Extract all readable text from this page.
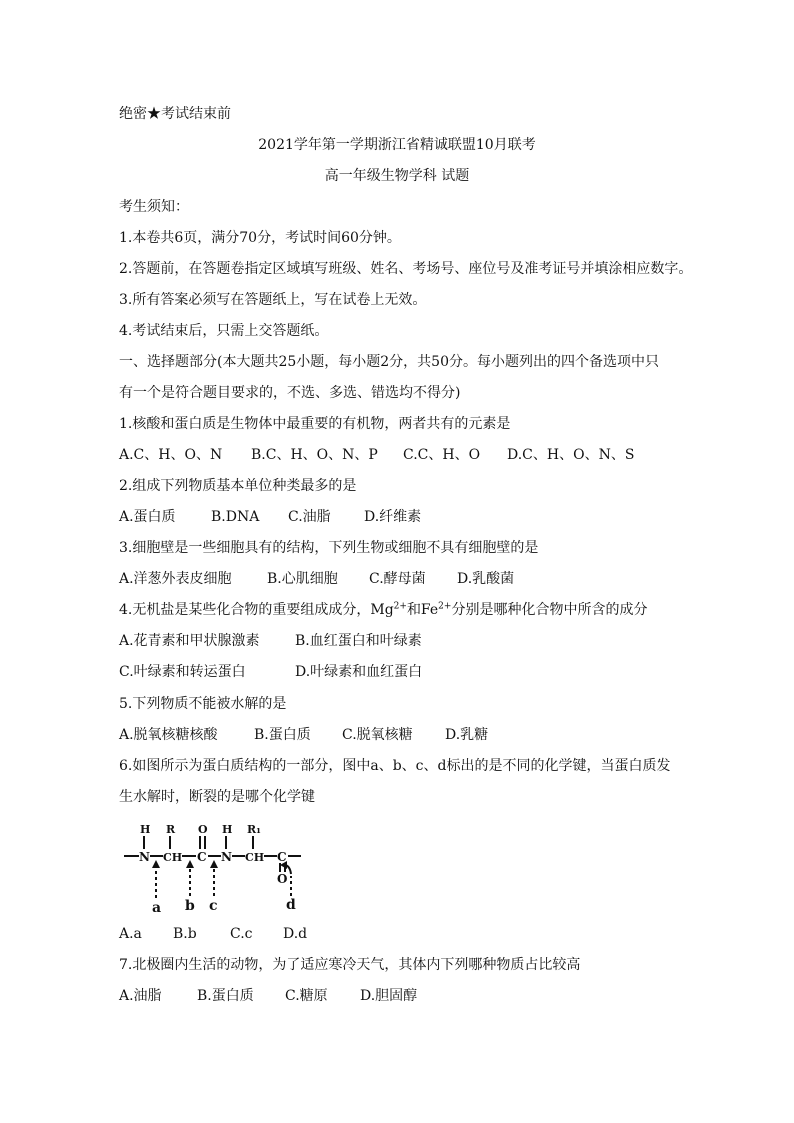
绝密★考试结束前
2021学年第一学期浙江省精诚联盟10月联考
高一年级生物学科 试题
考生须知：
1.本卷共6页，满分70分，考试时间60分钟。
2.答题前，在答题卷指定区域填写班级、姓名、考场号、座位号及准考证号并填涂相应数字。
3.所有答案必须写在答题纸上，写在试卷上无效。
4.考试结束后，只需上交答题纸。
一、选择题部分(本大题共25小题，每小题2分，共50分。每小题列出的四个备选项中只
有一个是符合题目要求的，不选、多选、错选均不得分)
1.核酸和蛋白质是生物体中最重要的有机物，两者共有的元素是
A.C、H、O、N B.C、H、O、N、P C.C、H、O D.C、H、O、N、S
2.组成下列物质基本单位种类最多的是
A.蛋白质	B.DNA C.油脂 D.纤维素
3.细胞壁是一些细胞具有的结构，下列生物或细胞不具有细胞壁的是
A.洋葱外表皮细胞	B.心肌细胞 C.酵母菌 D.乳酸菌
4.无机盐是某些化合物的重要组成成分，$Mg^{2+}$和$Fe^{2+}$分别是哪种化合物中所含的成分
A.花青素和甲状腺激素	B.血红蛋白和叶绿素
C.叶绿素和转运蛋白	D.叶绿素和血红蛋白
5.下列物质不能被水解的是
A.脱氧核糖核酸	B.蛋白质 C.脱氧核糖 D.乳糖
6.如图所示为蛋白质结构的一部分，图中a、b、c、d标出的是不同的化学键，当蛋白质发
生水解时，断裂的是哪个化学键
H R O H R₁
N CH C N CH C
O
a b c	d
A.a B.b C.c D.d
7.北极圈内生活的动物，为了适应寒冷天气，其体内下列哪种物质占比较高
A.油脂	B.蛋白质 C.糖原 D.胆固醇
